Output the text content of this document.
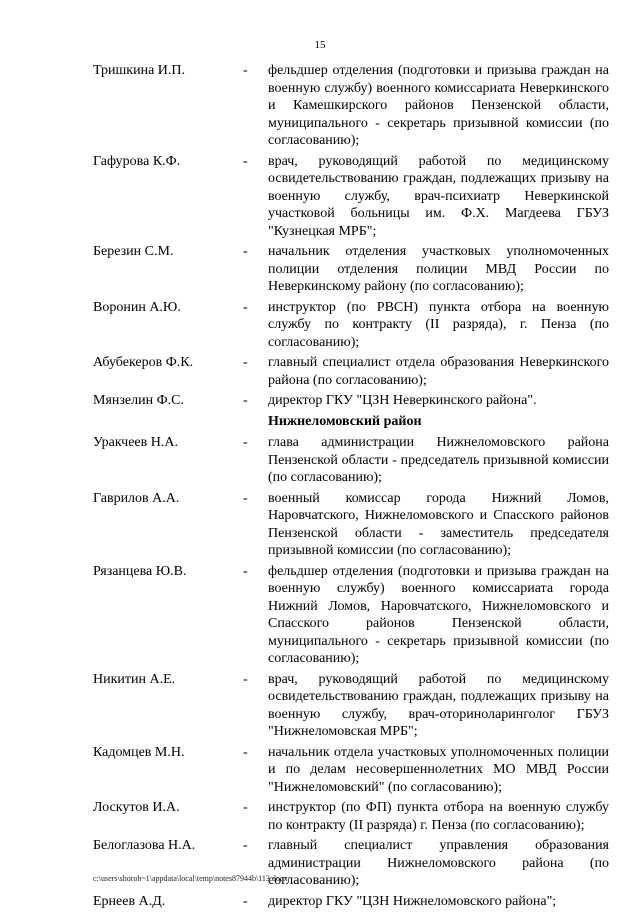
15
Тришкина И.П.	-	фельдшер отделения (подготовки и призыва граждан на военную службу) военного комиссариата Неверкинского и Камешкирского районов Пензенской области, муниципального - секретарь призывной комиссии (по согласованию);
Гафурова К.Ф.	-	врач, руководящий работой по медицинскому освидетельствованию граждан, подлежащих призыву на военную службу, врач-психиатр Неверкинской участковой больницы им. Ф.Х. Магдеева ГБУЗ "Кузнецкая МРБ";
Березин С.М.	-	начальник отделения участковых уполномоченных полиции отделения полиции МВД России по Неверкинскому району (по согласованию);
Воронин А.Ю.	-	инструктор (по РВСН) пункта отбора на военную службу по контракту (II разряда), г. Пенза (по согласованию);
Абубекеров Ф.К.	-	главный специалист отдела образования Неверкинского района (по согласованию);
Мянзелин Ф.С.	-	директор ГКУ "ЦЗН Неверкинского района".
Нижнеломовский район
Уракчеев Н.А.	-	глава администрации Нижнеломовского района Пензенской области - председатель призывной комиссии (по согласованию);
Гаврилов А.А.	-	военный комиссар города Нижний Ломов, Наровчатского, Нижнеломовского и Спасского районов Пензенской области - заместитель председателя призывной комиссии (по согласованию);
Рязанцева Ю.В.	-	фельдшер отделения (подготовки и призыва граждан на военную службу) военного комиссариата города Нижний Ломов, Наровчатского, Нижнеломовского и Спасского районов Пензенской области, муниципального - секретарь призывной комиссии (по согласованию);
Никитин А.Е.	-	врач, руководящий работой по медицинскому освидетельствованию граждан, подлежащих призыву на военную службу, врач-оториноларинголог ГБУЗ "Нижнеломовская МРБ";
Кадомцев М.Н.	-	начальник отдела участковых уполномоченных полиции и по делам несовершеннолетних МО МВД России "Нижнеломовский" (по согласованию);
Лоскутов И.А.	-	инструктор (по ФП) пункта отбора на военную службу по контракту (II разряда) г. Пенза (по согласованию);
Белоглазова Н.А.	-	главный специалист управления образования администрации Нижнеломовского района (по согласованию);
Ернеев А.Д.	-	директор ГКУ "ЦЗН Нижнеломовского района";
c:\users\shoroh~1\appdata\local\temp\notes87944b\113.docx
